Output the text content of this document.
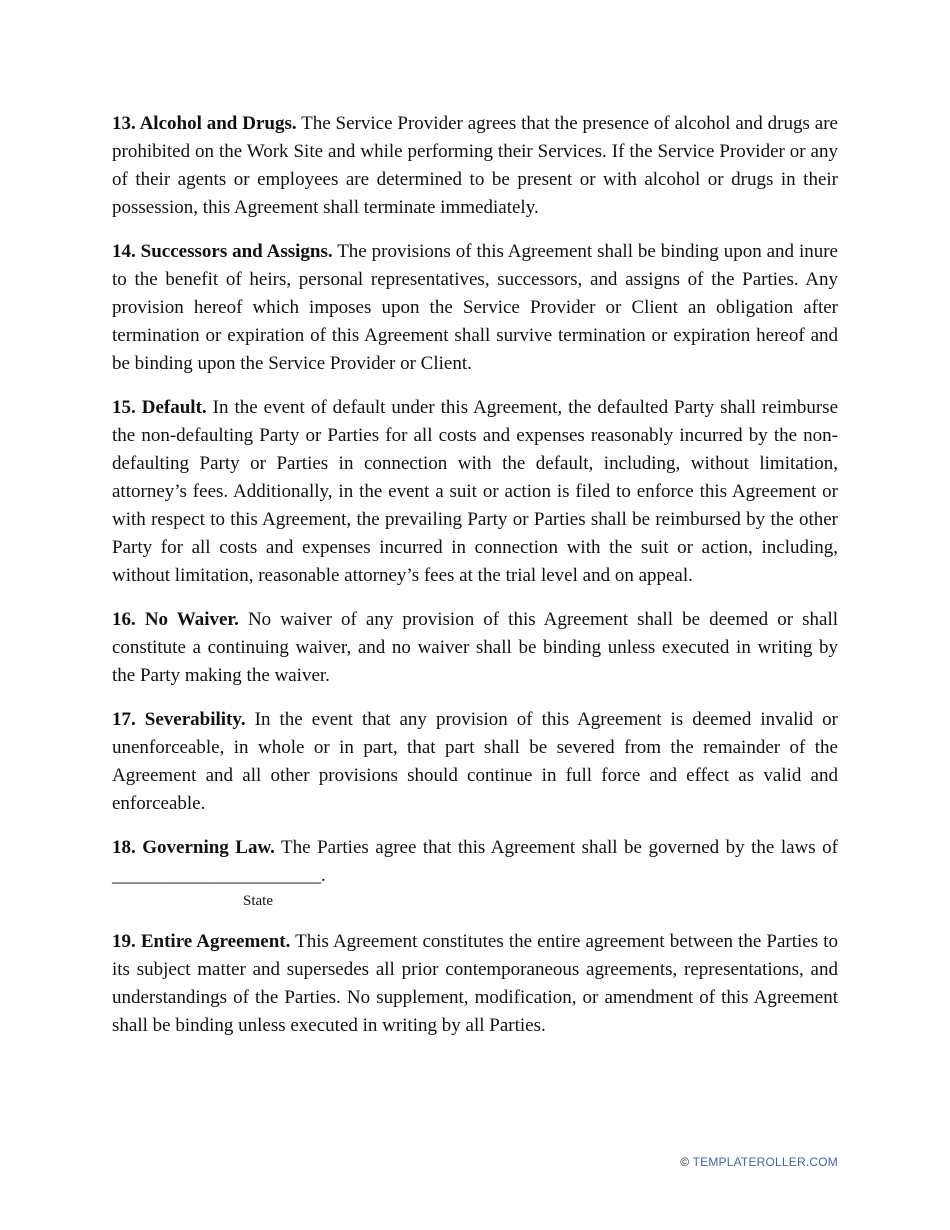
13. Alcohol and Drugs. The Service Provider agrees that the presence of alcohol and drugs are prohibited on the Work Site and while performing their Services. If the Service Provider or any of their agents or employees are determined to be present or with alcohol or drugs in their possession, this Agreement shall terminate immediately.

14. Successors and Assigns. The provisions of this Agreement shall be binding upon and inure to the benefit of heirs, personal representatives, successors, and assigns of the Parties. Any provision hereof which imposes upon the Service Provider or Client an obligation after termination or expiration of this Agreement shall survive termination or expiration hereof and be binding upon the Service Provider or Client.

15. Default. In the event of default under this Agreement, the defaulted Party shall reimburse the non-defaulting Party or Parties for all costs and expenses reasonably incurred by the non-defaulting Party or Parties in connection with the default, including, without limitation, attorney’s fees. Additionally, in the event a suit or action is filed to enforce this Agreement or with respect to this Agreement, the prevailing Party or Parties shall be reimbursed by the other Party for all costs and expenses incurred in connection with the suit or action, including, without limitation, reasonable attorney’s fees at the trial level and on appeal.

16. No Waiver. No waiver of any provision of this Agreement shall be deemed or shall constitute a continuing waiver, and no waiver shall be binding unless executed in writing by the Party making the waiver.

17. Severability. In the event that any provision of this Agreement is deemed invalid or unenforceable, in whole or in part, that part shall be severed from the remainder of the Agreement and all other provisions should continue in full force and effect as valid and enforceable.

18. Governing Law. The Parties agree that this Agreement shall be governed by the laws of ______________________.

State

19. Entire Agreement. This Agreement constitutes the entire agreement between the Parties to its subject matter and supersedes all prior contemporaneous agreements, representations, and understandings of the Parties. No supplement, modification, or amendment of this Agreement shall be binding unless executed in writing by all Parties.

© TEMPLATEROLLER.COM
